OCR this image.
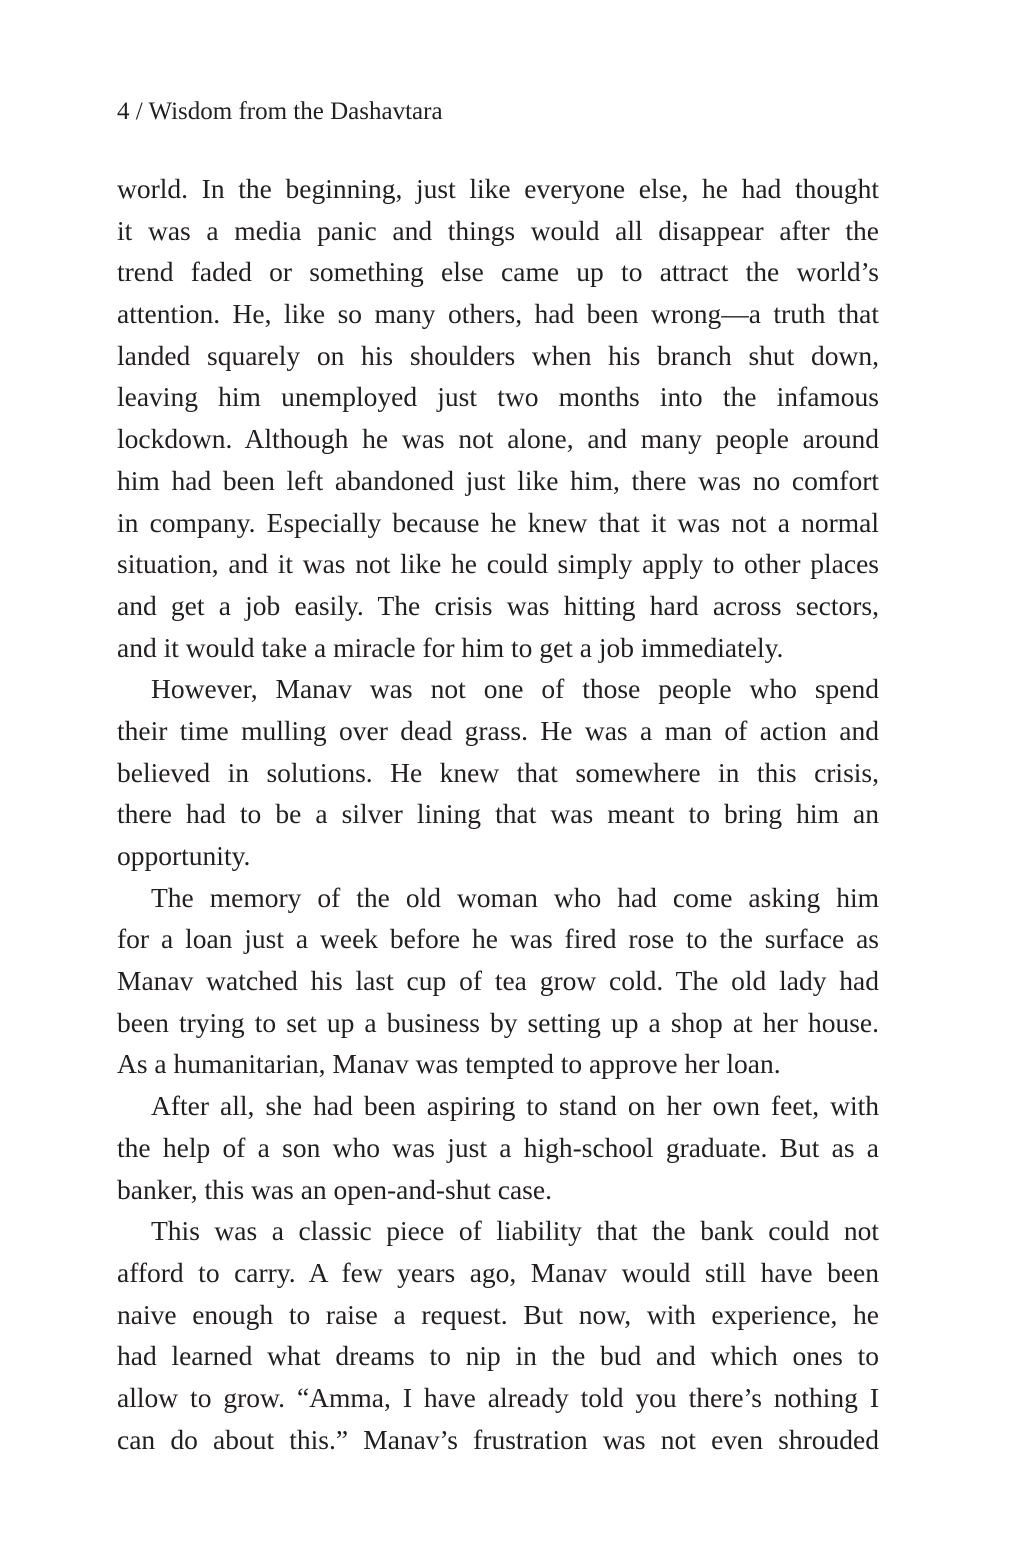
4 / Wisdom from the Dashavtara
world. In the beginning, just like everyone else, he had thought
it was a media panic and things would all disappear after the
trend faded or something else came up to attract the world’s
attention. He, like so many others, had been wrong—a truth that
landed squarely on his shoulders when his branch shut down,
leaving him unemployed just two months into the infamous
lockdown. Although he was not alone, and many people around
him had been left abandoned just like him, there was no comfort
in company. Especially because he knew that it was not a normal
situation, and it was not like he could simply apply to other places
and get a job easily. The crisis was hitting hard across sectors,
and it would take a miracle for him to get a job immediately.
However, Manav was not one of those people who spend
their time mulling over dead grass. He was a man of action and
believed in solutions. He knew that somewhere in this crisis,
there had to be a silver lining that was meant to bring him an
opportunity.
The memory of the old woman who had come asking him
for a loan just a week before he was fired rose to the surface as
Manav watched his last cup of tea grow cold. The old lady had
been trying to set up a business by setting up a shop at her house.
As a humanitarian, Manav was tempted to approve her loan.
After all, she had been aspiring to stand on her own feet, with
the help of a son who was just a high-school graduate. But as a
banker, this was an open-and-shut case.
This was a classic piece of liability that the bank could not
afford to carry. A few years ago, Manav would still have been
naive enough to raise a request. But now, with experience, he
had learned what dreams to nip in the bud and which ones to
allow to grow. “Amma, I have already told you there’s nothing I
can do about this.” Manav’s frustration was not even shrouded
